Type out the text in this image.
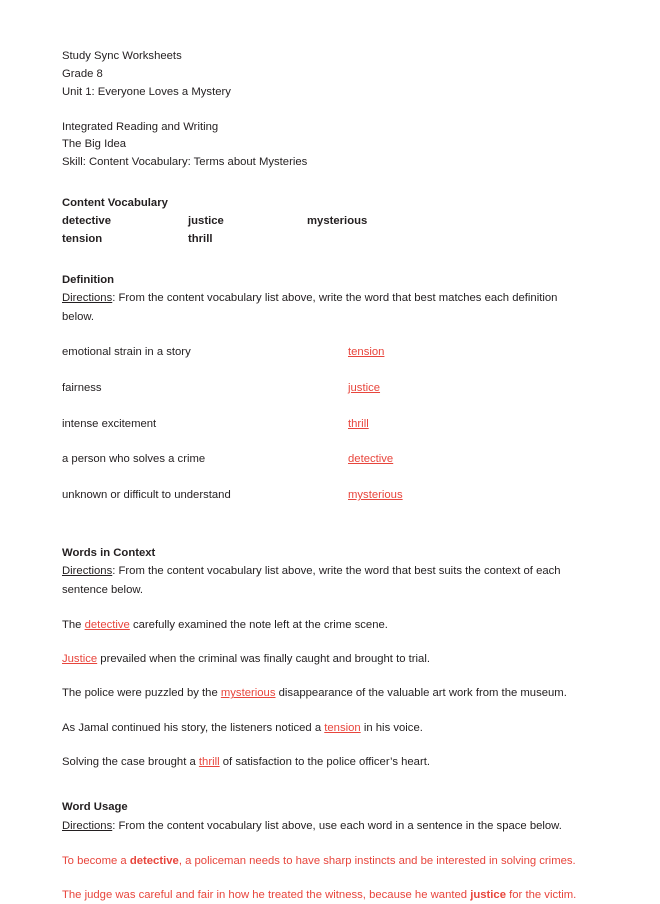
Study Sync Worksheets
Grade 8
Unit 1: Everyone Loves a Mystery
Integrated Reading and Writing
The Big Idea
Skill: Content Vocabulary: Terms about Mysteries
Content Vocabulary
detective	justice	mysterious
tension	thrill
Definition
Directions: From the content vocabulary list above, write the word that best matches each definition below.
emotional strain in a story	tension
fairness	justice
intense excitement	thrill
a person who solves a crime	detective
unknown or difficult to understand	mysterious
Words in Context
Directions: From the content vocabulary list above, write the word that best suits the context of each sentence below.
The detective carefully examined the note left at the crime scene.
Justice prevailed when the criminal was finally caught and brought to trial.
The police were puzzled by the mysterious disappearance of the valuable art work from the museum.
As Jamal continued his story, the listeners noticed a tension in his voice.
Solving the case brought a thrill of satisfaction to the police officer’s heart.
Word Usage
Directions: From the content vocabulary list above, use each word in a sentence in the space below.
To become a detective, a policeman needs to have sharp instincts and be interested in solving crimes.
The judge was careful and fair in how he treated the witness, because he wanted justice for the victim.
